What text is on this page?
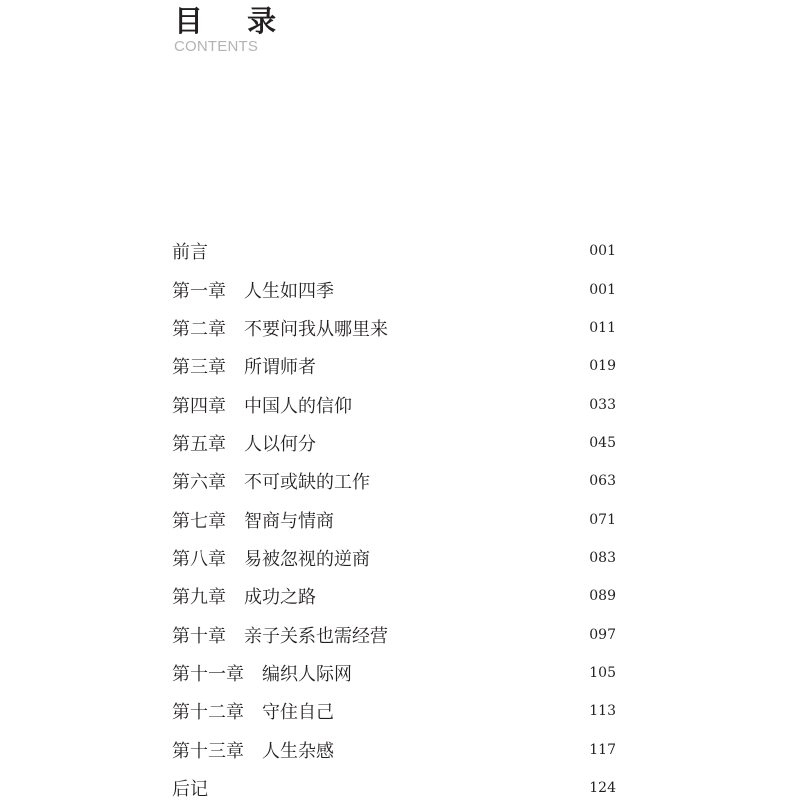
目 录
CONTENTS
前言	001
第一章 人生如四季	001
第二章 不要问我从哪里来	011
第三章 所谓师者	019
第四章 中国人的信仰	033
第五章 人以何分	045
第六章 不可或缺的工作	063
第七章 智商与情商	071
第八章 易被忽视的逆商	083
第九章 成功之路	089
第十章 亲子关系也需经营	097
第十一章 编织人际网	105
第十二章 守住自己	113
第十三章 人生杂感	117
后记	124
